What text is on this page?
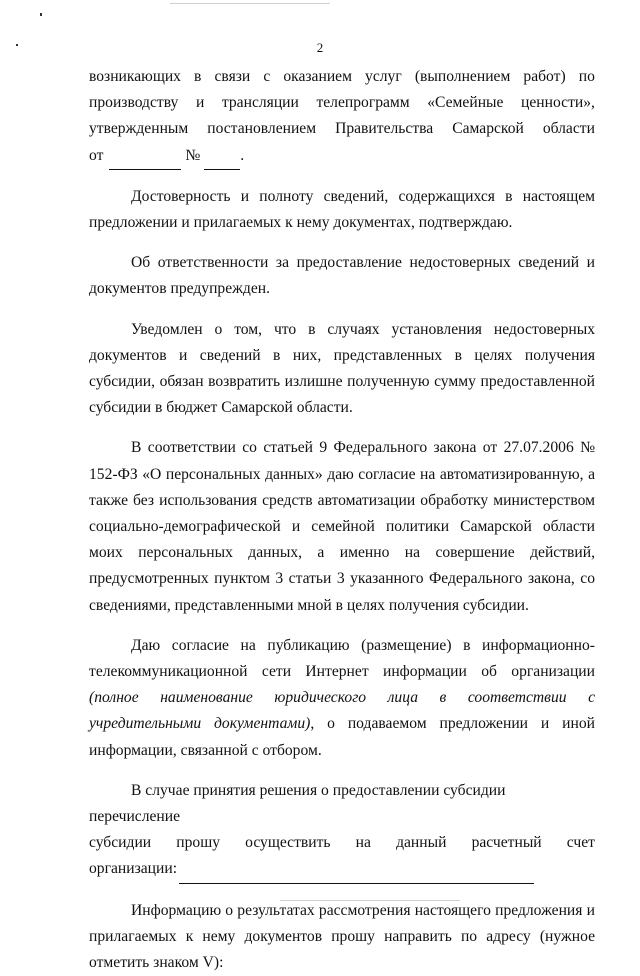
2
возникающих в связи с оказанием услуг (выполнением работ) по
производству и трансляции телепрограмм «Семейные ценности»,
утвержденным постановлением Правительства Самарской области
от	№	.

Достоверность и полноту сведений, содержащихся в настоящем предложении и прилагаемых к нему документах, подтверждаю.

Об ответственности за предоставление недостоверных сведений и документов предупрежден.

Уведомлен о том, что в случаях установления недостоверных документов и сведений в них, представленных в целях получения субсидии, обязан возвратить излишне полученную сумму предоставленной субсидии в бюджет Самарской области.

В соответствии со статьей 9 Федерального закона от 27.07.2006 № 152-ФЗ «О персональных данных» даю согласие на автоматизированную, а также без использования средств автоматизации обработку министерством социально-демографической и семейной политики Самарской области моих персональных данных, а именно на совершение действий, предусмотренных пунктом 3 статьи 3 указанного Федерального закона, со сведениями, представленными мной в целях получения субсидии.

Даю согласие на публикацию (размещение) в информационно-телекоммуникационной сети Интернет информации об организации (полное наименование юридического лица в соответствии с учредительными документами), о подаваемом предложении и иной информации, связанной с отбором.

В случае принятия решения о предоставлении субсидии перечисление
субсидии прошу осуществить на данный расчетный счет
организации:

Информацию о результатах рассмотрения настоящего предложения и прилагаемых к нему документов прошу направить по адресу (нужное отметить знаком V):
